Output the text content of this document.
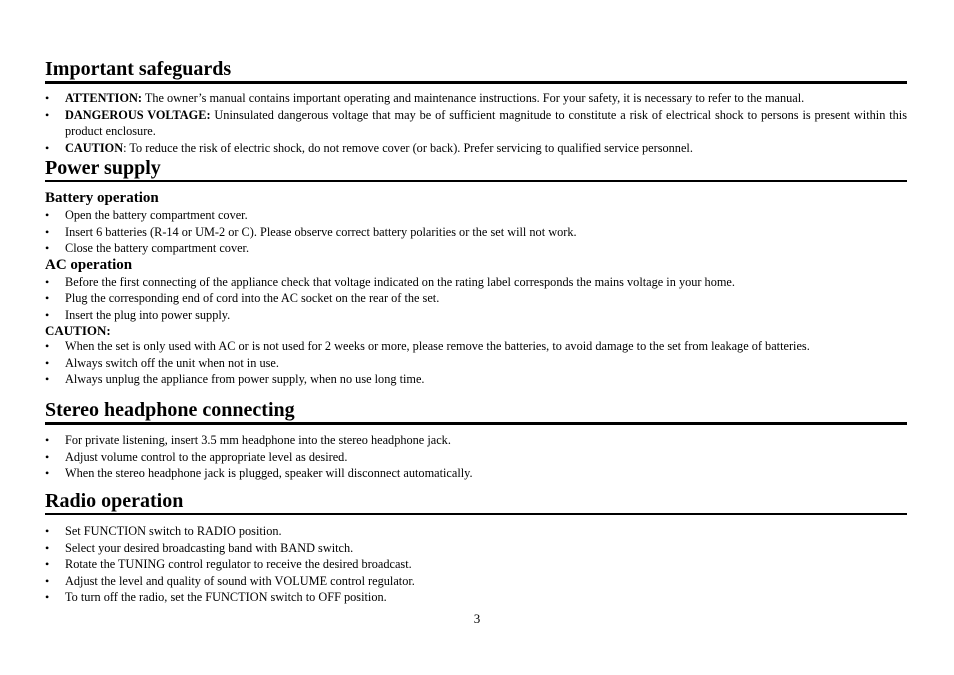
Important safeguards
• ATTENTION: The owner’s manual contains important operating and maintenance instructions. For your safety, it is necessary to refer to the manual.
• DANGEROUS VOLTAGE: Uninsulated dangerous voltage that may be of sufficient magnitude to constitute a risk of electrical shock to persons is present within this product enclosure.
• CAUTION: To reduce the risk of electric shock, do not remove cover (or back). Prefer servicing to qualified service personnel.
Power supply
Battery operation
• Open the battery compartment cover.
• Insert 6 batteries (R-14 or UM-2 or C). Please observe correct battery polarities or the set will not work.
• Close the battery compartment cover.
AC operation
• Before the first connecting of the appliance check that voltage indicated on the rating label corresponds the mains voltage in your home.
• Plug the corresponding end of cord into the AC socket on the rear of the set.
• Insert the plug into power supply.
CAUTION:
• When the set is only used with AC or is not used for 2 weeks or more, please remove the batteries, to avoid damage to the set from leakage of batteries.
• Always switch off the unit when not in use.
• Always unplug the appliance from power supply, when no use long time.
Stereo headphone connecting
• For private listening, insert 3.5 mm headphone into the stereo headphone jack.
• Adjust volume control to the appropriate level as desired.
• When the stereo headphone jack is plugged, speaker will disconnect automatically.
Radio operation
• Set FUNCTION switch to RADIO position.
• Select your desired broadcasting band with BAND switch.
• Rotate the TUNING control regulator to receive the desired broadcast.
• Adjust the level and quality of sound with VOLUME control regulator.
• To turn off the radio, set the FUNCTION switch to OFF position.
3
